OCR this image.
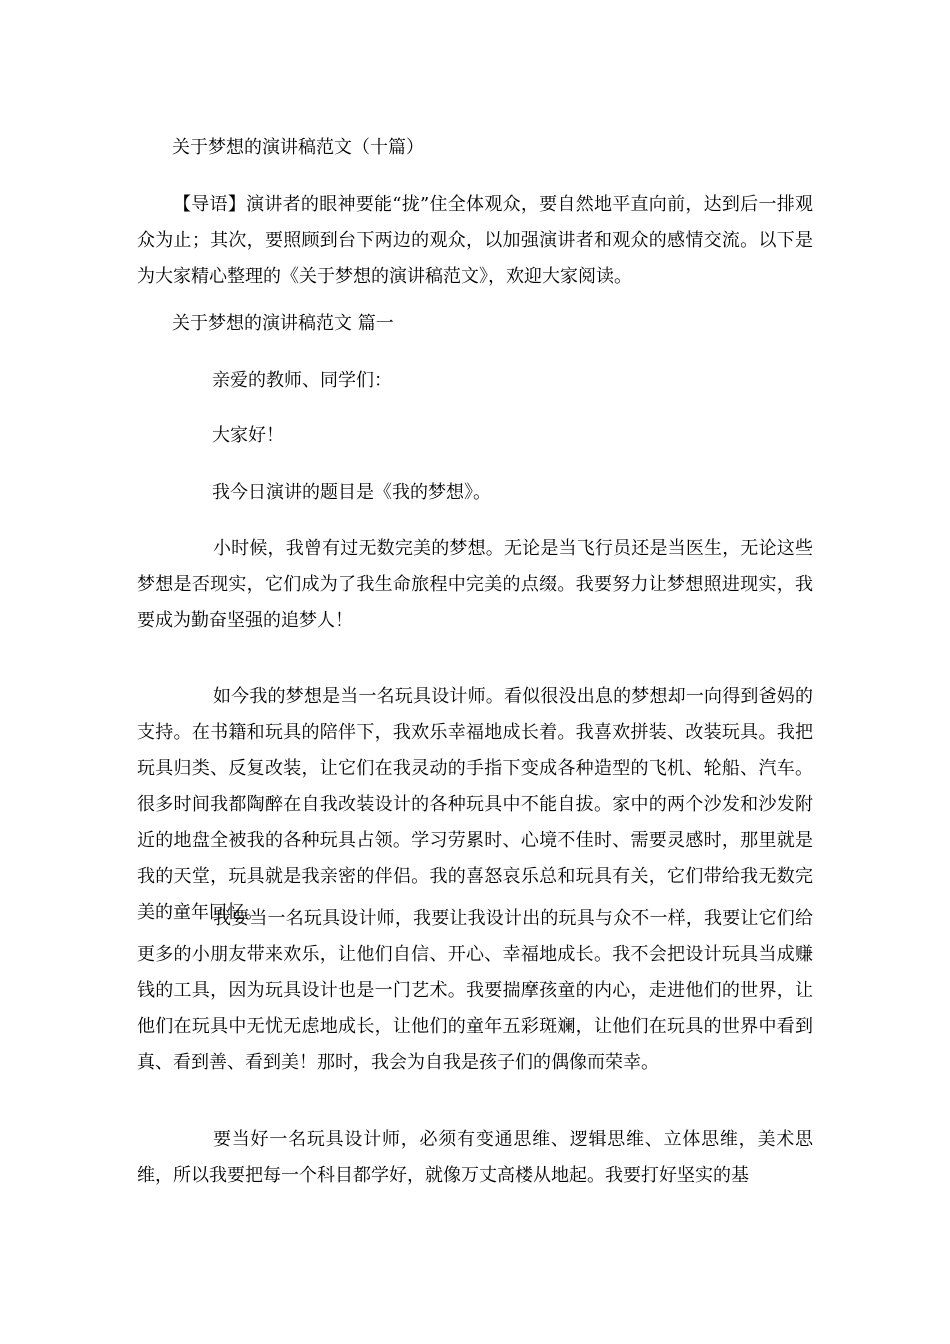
关于梦想的演讲稿范文（十篇）

【导语】演讲者的眼神要能“拢”住全体观众，要自然地平直向前，达到后一排观众为止；其次，要照顾到台下两边的观众，以加强演讲者和观众的感情交流。以下是为大家精心整理的《关于梦想的演讲稿范文》，欢迎大家阅读。

关于梦想的演讲稿范文 篇一

亲爱的教师、同学们：

大家好！

我今日演讲的题目是《我的梦想》。

小时候，我曾有过无数完美的梦想。无论是当飞行员还是当医生，无论这些梦想是否现实，它们成为了我生命旅程中完美的点缀。我要努力让梦想照进现实，我要成为勤奋坚强的追梦人！

如今我的梦想是当一名玩具设计师。看似很没出息的梦想却一向得到爸妈的支持。在书籍和玩具的陪伴下，我欢乐幸福地成长着。我喜欢拼装、改装玩具。我把玩具归类、反复改装，让它们在我灵动的手指下变成各种造型的飞机、轮船、汽车。很多时间我都陶醉在自我改装设计的各种玩具中不能自拔。家中的两个沙发和沙发附近的地盘全被我的各种玩具占领。学习劳累时、心境不佳时、需要灵感时，那里就是我的天堂，玩具就是我亲密的伴侣。我的喜怒哀乐总和玩具有关，它们带给我无数完美的童年回忆。

我要当一名玩具设计师，我要让我设计出的玩具与众不一样，我要让它们给更多的小朋友带来欢乐，让他们自信、开心、幸福地成长。我不会把设计玩具当成赚钱的工具，因为玩具设计也是一门艺术。我要揣摩孩童的内心，走进他们的世界，让他们在玩具中无忧无虑地成长，让他们的童年五彩斑斓，让他们在玩具的世界中看到真、看到善、看到美！那时，我会为自我是孩子们的偶像而荣幸。

要当好一名玩具设计师，必须有变通思维、逻辑思维、立体思维，美术思维，所以我要把每一个科目都学好，就像万丈高楼从地起。我要打好坚实的基
